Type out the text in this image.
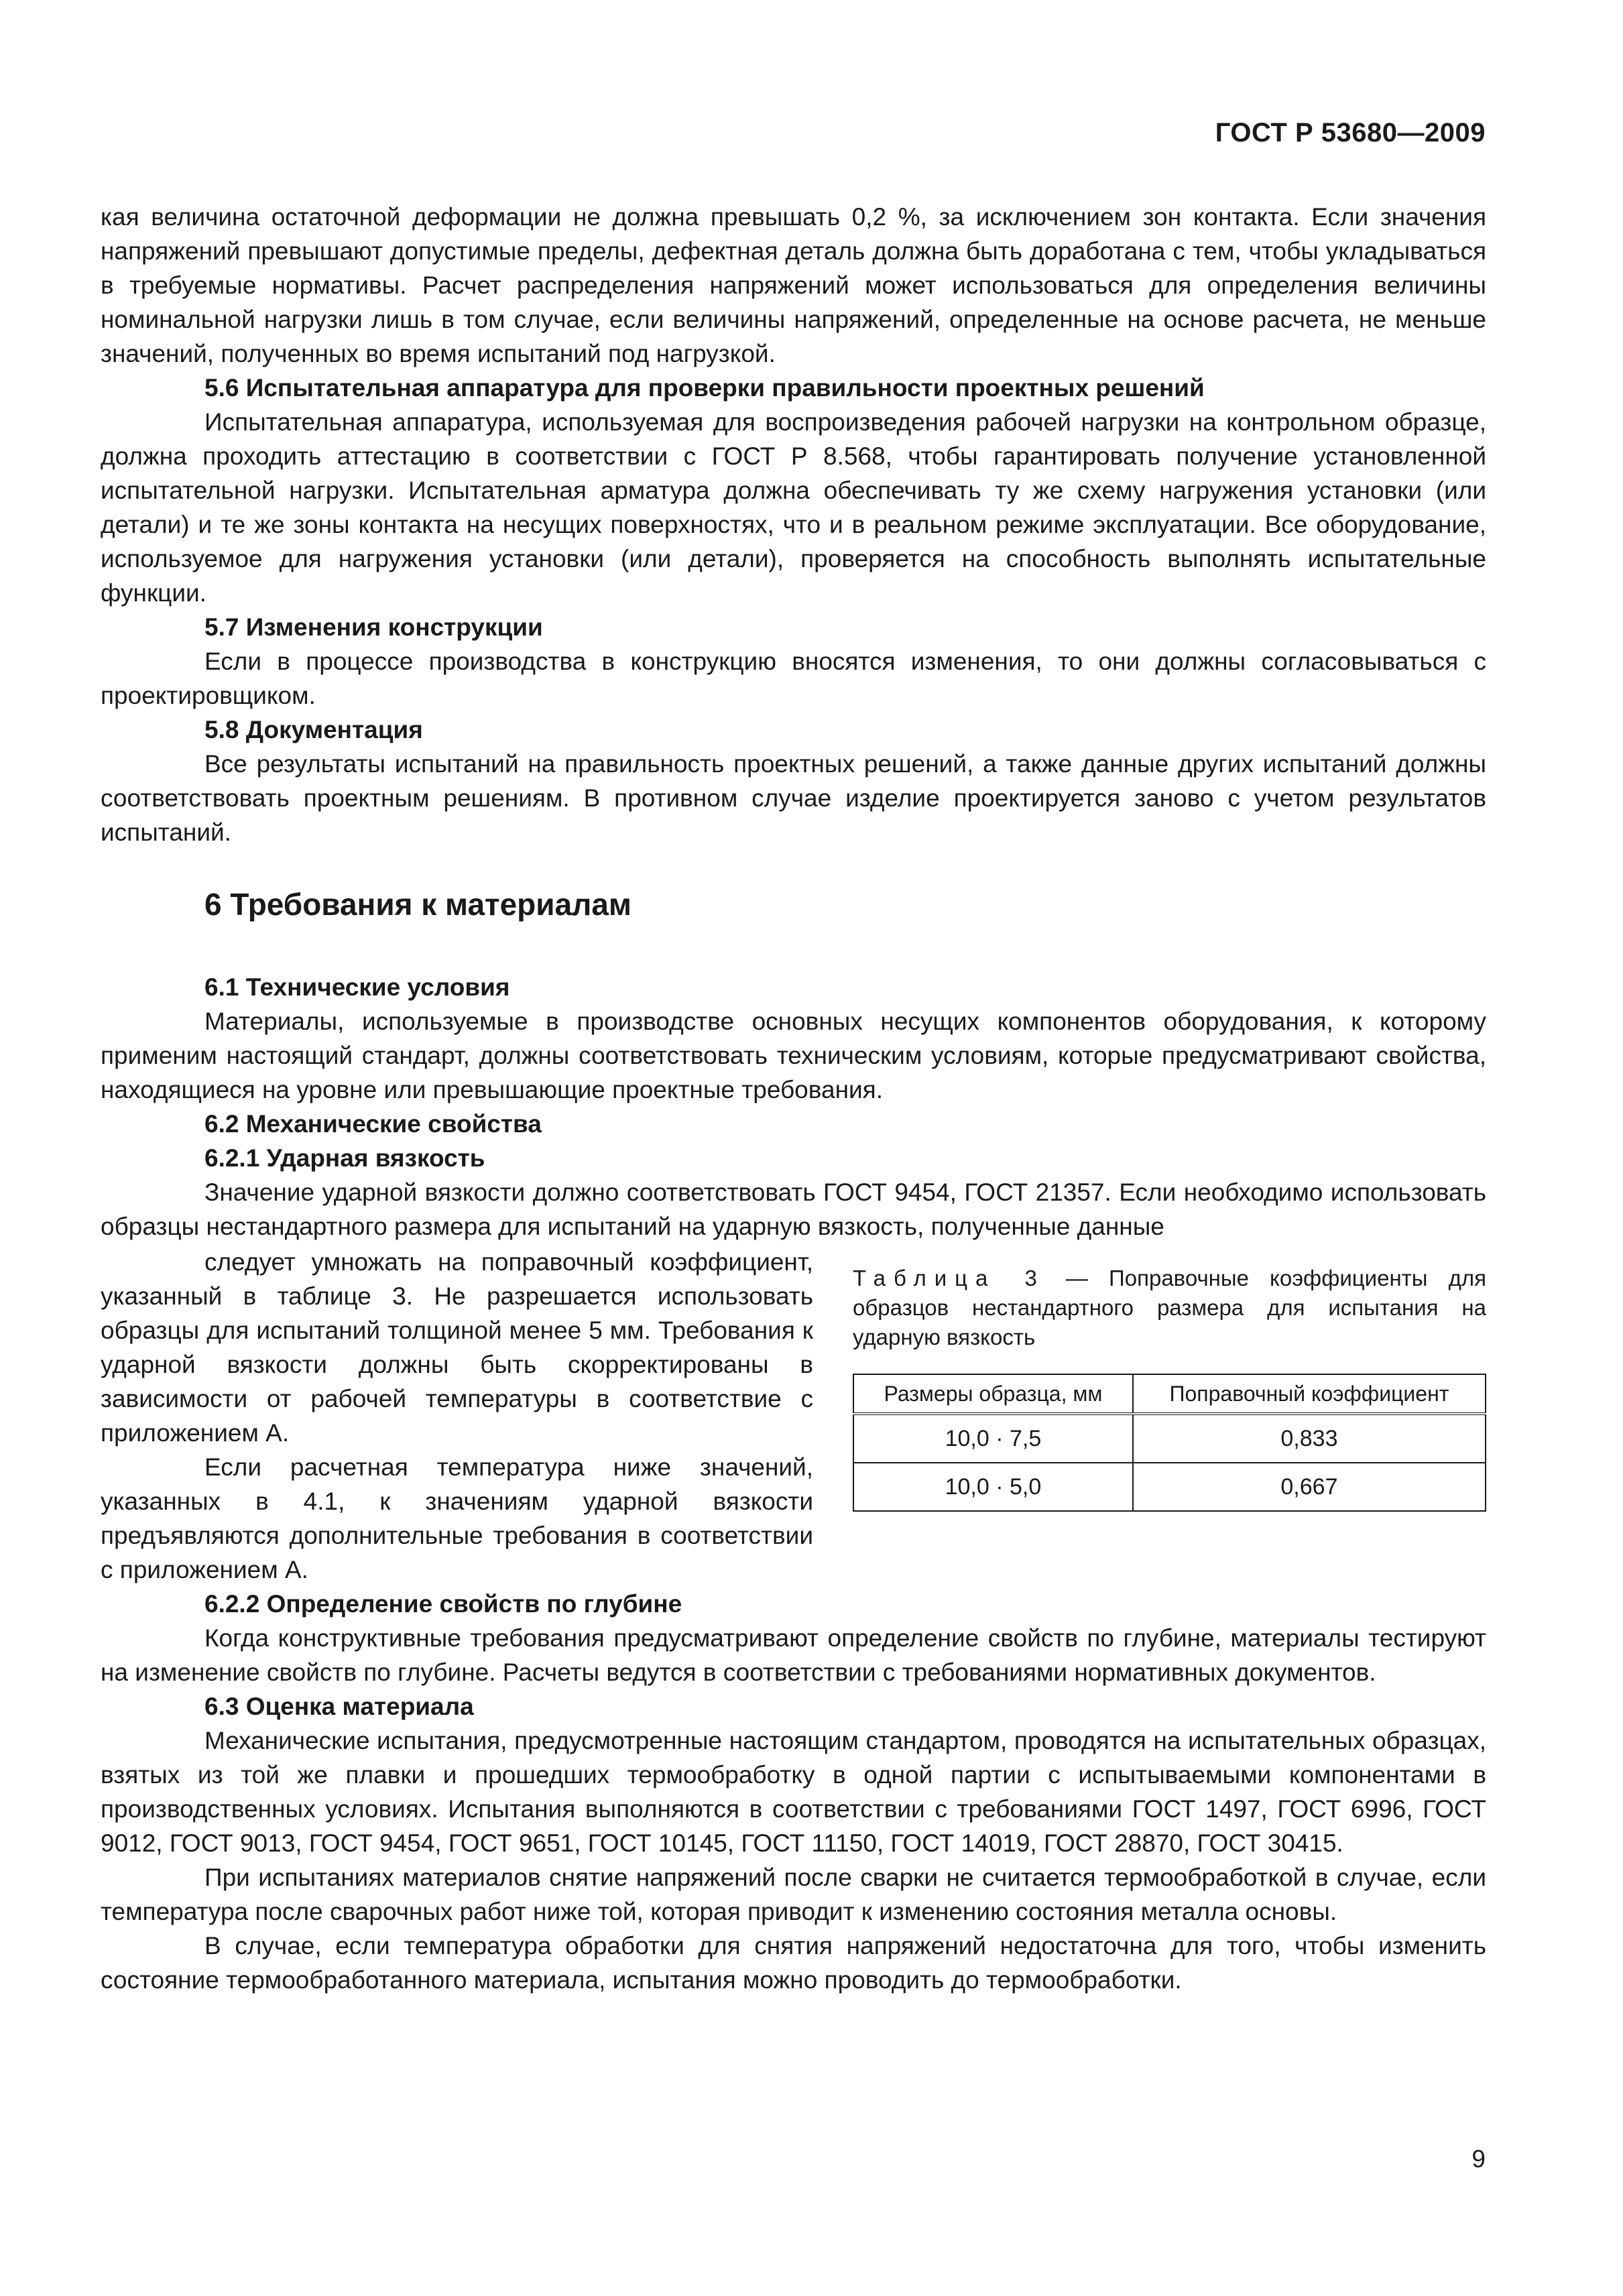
ГОСТ Р 53680—2009

кая величина остаточной деформации не должна превышать 0,2 %, за исключением зон контакта. Если значения напряжений превышают допустимые пределы, дефектная деталь должна быть доработана с тем, чтобы укладываться в требуемые нормативы. Расчет распределения напряжений может использоваться для определения величины номинальной нагрузки лишь в том случае, если величины напряжений, определенные на основе расчета, не меньше значений, полученных во время испытаний под нагрузкой.

5.6 Испытательная аппаратура для проверки правильности проектных решений

Испытательная аппаратура, используемая для воспроизведения рабочей нагрузки на контрольном образце, должна проходить аттестацию в соответствии с ГОСТ Р 8.568, чтобы гарантировать получение установленной испытательной нагрузки. Испытательная арматура должна обеспечивать ту же схему нагружения установки (или детали) и те же зоны контакта на несущих поверхностях, что и в реальном режиме эксплуатации. Все оборудование, используемое для нагружения установки (или детали), проверяется на способность выполнять испытательные функции.

5.7 Изменения конструкции

Если в процессе производства в конструкцию вносятся изменения, то они должны согласовываться с проектировщиком.

5.8 Документация

Все результаты испытаний на правильность проектных решений, а также данные других испытаний должны соответствовать проектным решениям. В противном случае изделие проектируется заново с учетом результатов испытаний.

6 Требования к материалам
6.1 Технические условия

Материалы, используемые в производстве основных несущих компонентов оборудования, к которому применим настоящий стандарт, должны соответствовать техническим условиям, которые предусматривают свойства, находящиеся на уровне или превышающие проектные требования.

6.2 Механические свойства
6.2.1 Ударная вязкость

Значение ударной вязкости должно соответствовать ГОСТ 9454, ГОСТ 21357. Если необходимо использовать образцы нестандартного размера для испытаний на ударную вязкость, полученные данные

следует умножать на поправочный коэффициент, указанный в таблице 3. Не разрешается использовать образцы для испытаний толщиной менее 5 мм. Требования к ударной вязкости должны быть скорректированы в зависимости от рабочей температуры в соответствие с приложением А.

Если расчетная температура ниже значений, указанных в 4.1, к значениям ударной вязкости предъявляются дополнительные требования в соответствии с приложением А.

Таблица 3 — Поправочные коэффициенты для образцов нестандартного размера для испытания на ударную вязкость

Размеры образца, мм	Поправочный коэффициент
10,0 · 7,5	0,833
10,0 · 5,0	0,667
6.2.2 Определение свойств по глубине

Когда конструктивные требования предусматривают определение свойств по глубине, материалы тестируют на изменение свойств по глубине. Расчеты ведутся в соответствии с требованиями нормативных документов.

6.3 Оценка материала

Механические испытания, предусмотренные настоящим стандартом, проводятся на испытательных образцах, взятых из той же плавки и прошедших термообработку в одной партии с испытываемыми компонентами в производственных условиях. Испытания выполняются в соответствии с требованиями ГОСТ 1497, ГОСТ 6996, ГОСТ 9012, ГОСТ 9013, ГОСТ 9454, ГОСТ 9651, ГОСТ 10145, ГОСТ 11150, ГОСТ 14019, ГОСТ 28870, ГОСТ 30415.

При испытаниях материалов снятие напряжений после сварки не считается термообработкой в случае, если температура после сварочных работ ниже той, которая приводит к изменению состояния металла основы.

В случае, если температура обработки для снятия напряжений недостаточна для того, чтобы изменить состояние термообработанного материала, испытания можно проводить до термообработки.

9
